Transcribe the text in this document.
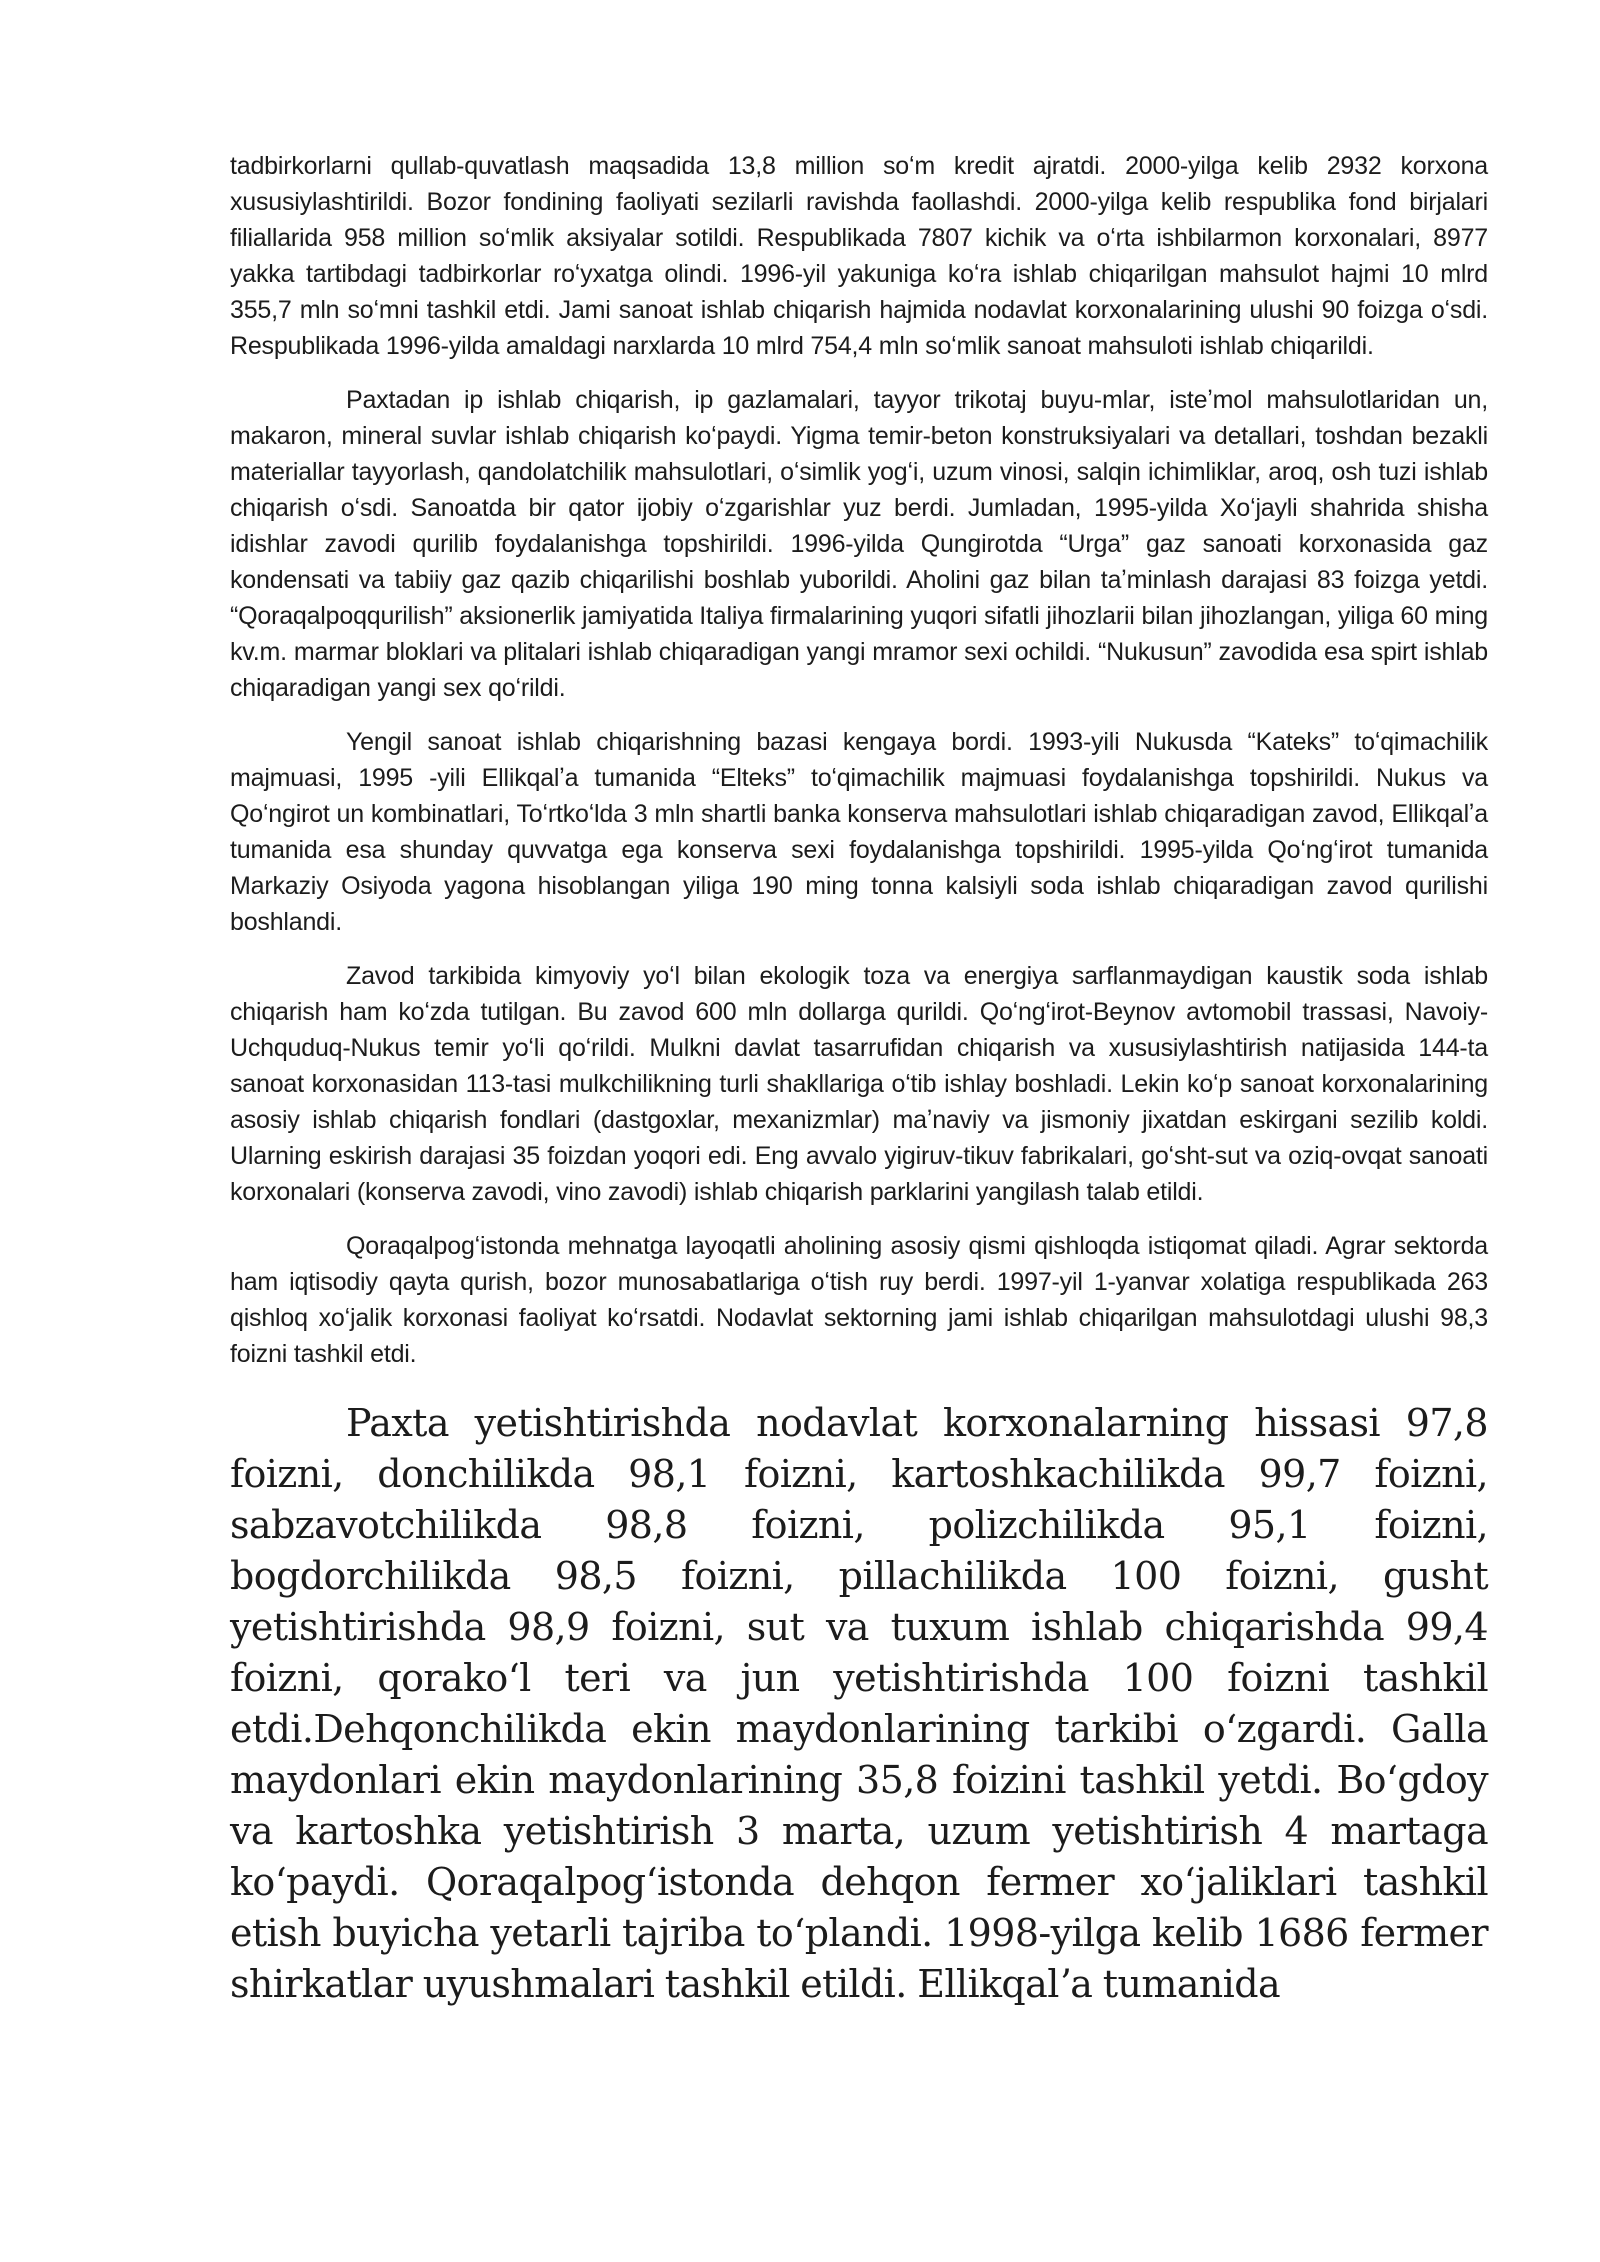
tadbirkorlarni qullab-quvatlash maqsadida 13,8 million soʻm kredit ajratdi. 2000-yilga kelib 2932 korxona xususiylashtirildi. Bozor fondining faoliyati sezilarli ravishda faollashdi. 2000-yilga kelib respublika fond birjalari filiallarida 958 million soʻmlik aksiyalar sotildi. Respublikada 7807 kichik va oʻrta ishbilarmon korxonalari, 8977 yakka tartibdagi tadbirkorlar roʻyxatga olindi. 1996-yil yakuniga koʻra ishlab chiqarilgan mahsulot hajmi 10 mlrd 355,7 mln soʻmni tashkil etdi. Jami sanoat ishlab chiqarish hajmida nodavlat korxonalarining ulushi 90 foizga oʻsdi. Respublikada 1996-yilda amaldagi narxlarda 10 mlrd 754,4 mln soʻmlik sanoat mahsuloti ishlab chiqarildi.

Paxtadan ip ishlab chiqarish, ip gazlamalari, tayyor trikotaj buyu-mlar, isteʼmol mahsulotlaridan un, makaron, mineral suvlar ishlab chiqarish koʻpaydi. Yigma temir-beton konstruksiyalari va detallari, toshdan bezakli materiallar tayyorlash, qandolatchilik mahsulotlari, oʻsimlik yogʻi, uzum vinosi, salqin ichimliklar, aroq, osh tuzi ishlab chiqarish oʻsdi. Sanoatda bir qator ijobiy oʻzgarishlar yuz berdi. Jumladan, 1995-yilda Xoʻjayli shahrida shisha idishlar zavodi qurilib foydalanishga topshirildi. 1996-yilda Qungirotda “Urga” gaz sanoati korxonasida gaz kondensati va tabiiy gaz qazib chiqarilishi boshlab yuborildi. Aholini gaz bilan taʼminlash darajasi 83 foizga yetdi. “Qoraqalpoqqurilish” aksionerlik jamiyatida Italiya firmalarining yuqori sifatli jihozlarii bilan jihozlangan, yiliga 60 ming kv.m. marmar bloklari va plitalari ishlab chiqaradigan yangi mramor sexi ochildi. “Nukusun” zavodida esa spirt ishlab chiqaradigan yangi sex qoʻrildi.

Yengil sanoat ishlab chiqarishning bazasi kengaya bordi. 1993-yili Nukusda “Kateks” toʻqimachilik majmuasi, 1995 -yili Ellikqalʼa tumanida “Elteks” toʻqimachilik majmuasi foydalanishga topshirildi. Nukus va Qoʻngirot un kombinatlari, Toʻrtkoʻlda 3 mln shartli banka konserva mahsulotlari ishlab chiqaradigan zavod, Ellikqalʼa tumanida esa shunday quvvatga ega konserva sexi foydalanishga topshirildi. 1995-yilda Qoʻngʻirot tumanida Markaziy Osiyoda yagona hisoblangan yiliga 190 ming tonna kalsiyli soda ishlab chiqaradigan zavod qurilishi boshlandi.

Zavod tarkibida kimyoviy yoʻl bilan ekologik toza va energiya sarflanmaydigan kaustik soda ishlab chiqarish ham koʻzda tutilgan. Bu zavod 600 mln dollarga qurildi. Qoʻngʻirot-Beynov avtomobil trassasi, Navoiy- Uchquduq-Nukus temir yoʻli qoʻrildi. Mulkni davlat tasarrufidan chiqarish va xususiylashtirish natijasida 144-ta sanoat korxonasidan 113-tasi mulkchilikning turli shakllariga oʻtib ishlay boshladi. Lekin koʻp sanoat korxonalarining asosiy ishlab chiqarish fondlari (dastgoxlar, mexanizmlar) maʼnaviy va jismoniy jixatdan eskirgani sezilib koldi. Ularning eskirish darajasi 35 foizdan yoqori edi. Eng avvalo yigiruv-tikuv fabrikalari, goʻsht-sut va oziq-ovqat sanoati korxonalari (konserva zavodi, vino zavodi) ishlab chiqarish parklarini yangilash talab etildi.

Qoraqalpogʻistonda mehnatga layoqatli aholining asosiy qismi qishloqda istiqomat qiladi. Agrar sektorda ham iqtisodiy qayta qurish, bozor munosabatlariga oʻtish ruy berdi. 1997-yil 1-yanvar xolatiga respublikada 263 qishloq xoʻjalik korxonasi faoliyat koʻrsatdi. Nodavlat sektorning jami ishlab chiqarilgan mahsulotdagi ulushi 98,3 foizni tashkil etdi.

Paxta yetishtirishda nodavlat korxonalarning hissasi 97,8 foizni, donchilikda 98,1 foizni, kartoshkachilikda 99,7 foizni, sabzavotchilikda 98,8 foizni, polizchilikda 95,1 foizni, bogdorchilikda 98,5 foizni, pillachilikda 100 foizni, gusht yetishtirishda 98,9 foizni, sut va tuxum ishlab chiqarishda 99,4 foizni, qorakoʻl teri va jun yetishtirishda 100 foizni tashkil etdi.Dehqonchilikda ekin maydonlarining tarkibi oʻzgardi. Galla maydonlari ekin maydonlarining 35,8 foizini tashkil yetdi. Boʻgdoy va kartoshka yetishtirish 3 marta, uzum yetishtirish 4 martaga koʻpaydi. Qoraqalpogʻistonda dehqon fermer xoʻjaliklari tashkil etish buyicha yetarli tajriba toʻplandi. 1998-yilga kelib 1686 fermer shirkatlar uyushmalari tashkil etildi. Ellikqalʼa tumanida
